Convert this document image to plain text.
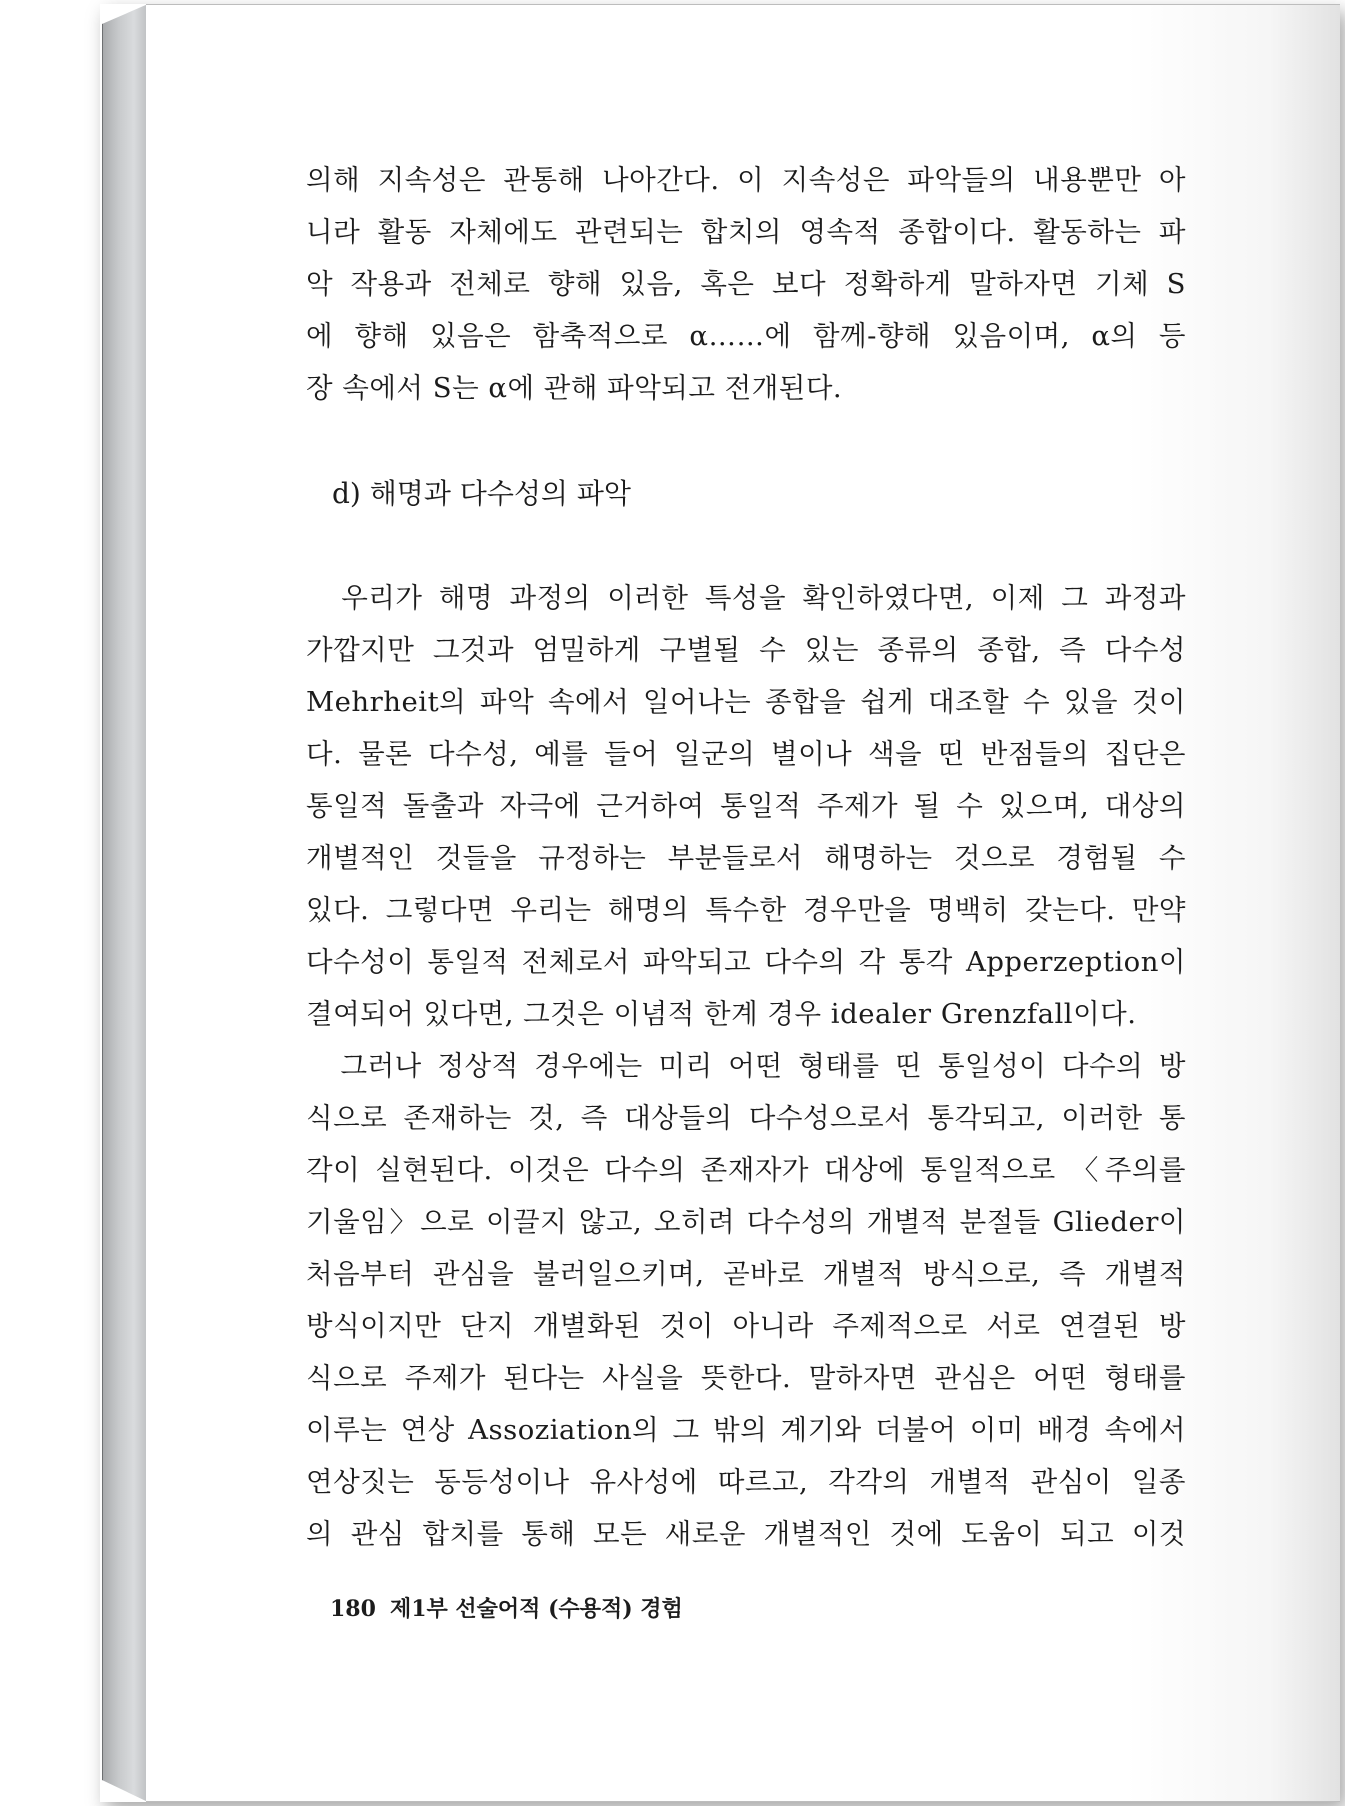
의해 지속성은 관통해 나아간다. 이 지속성은 파악들의 내용뿐만 아
니라 활동 자체에도 관련되는 합치의 영속적 종합이다. 활동하는 파
악 작용과 전체로 향해 있음, 혹은 보다 정확하게 말하자면 기체 S
에 향해 있음은 함축적으로 α……에 함께-향해 있음이며, α의 등
장 속에서 S는 α에 관해 파악되고 전개된다.
d) 해명과 다수성의 파악
　우리가 해명 과정의 이러한 특성을 확인하였다면, 이제 그 과정과
가깝지만 그것과 엄밀하게 구별될 수 있는 종류의 종합, 즉 다수성
Mehrheit의 파악 속에서 일어나는 종합을 쉽게 대조할 수 있을 것이
다. 물론 다수성, 예를 들어 일군의 별이나 색을 띤 반점들의 집단은
통일적 돌출과 자극에 근거하여 통일적 주제가 될 수 있으며, 대상의
개별적인 것들을 규정하는 부분들로서 해명하는 것으로 경험될 수
있다. 그렇다면 우리는 해명의 특수한 경우만을 명백히 갖는다. 만약
다수성이 통일적 전체로서 파악되고 다수의 각 통각 Apperzeption이
결여되어 있다면, 그것은 이념적 한계 경우 idealer Grenzfall이다.
　그러나 정상적 경우에는 미리 어떤 형태를 띤 통일성이 다수의 방
식으로 존재하는 것, 즉 대상들의 다수성으로서 통각되고, 이러한 통
각이 실현된다. 이것은 다수의 존재자가 대상에 통일적으로 〈주의를
기울임〉으로 이끌지 않고, 오히려 다수성의 개별적 분절들 Glieder이
처음부터 관심을 불러일으키며, 곧바로 개별적 방식으로, 즉 개별적
방식이지만 단지 개별화된 것이 아니라 주제적으로 서로 연결된 방
식으로 주제가 된다는 사실을 뜻한다. 말하자면 관심은 어떤 형태를
이루는 연상 Assoziation의 그 밖의 계기와 더불어 이미 배경 속에서
연상짓는 동등성이나 유사성에 따르고, 각각의 개별적 관심이 일종
의 관심 합치를 통해 모든 새로운 개별적인 것에 도움이 되고 이것
180 제1부 선술어적 (수용적) 경험
